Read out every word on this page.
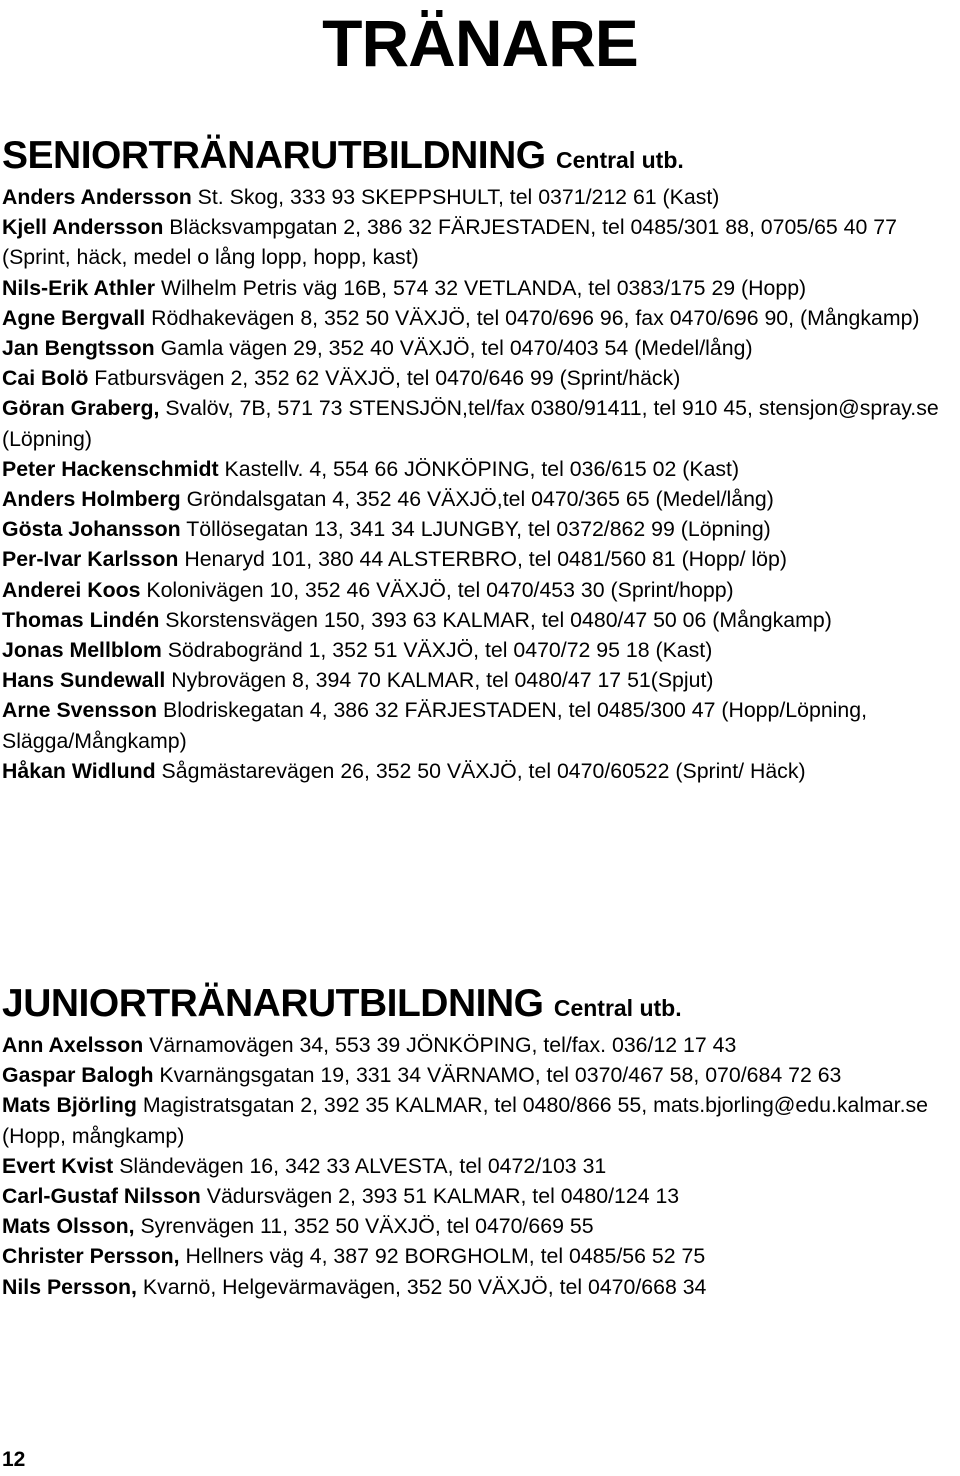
TRÄNARE
SENIORTRÄNARUTBILDNING Central utb.

Anders Andersson St. Skog, 333 93 SKEPPSHULT, tel 0371/212 61 (Kast)

Kjell Andersson Bläcksvampgatan 2, 386 32 FÄRJESTADEN, tel 0485/301 88, 0705/65 40 77 (Sprint, häck, medel o lång lopp, hopp, kast)

Nils-Erik Athler Wilhelm Petris väg 16B, 574 32 VETLANDA, tel 0383/175 29 (Hopp)

Agne Bergvall Rödhakevägen 8, 352 50 VÄXJÖ, tel 0470/696 96, fax 0470/696 90, (Mångkamp)

Jan Bengtsson Gamla vägen 29, 352 40 VÄXJÖ, tel 0470/403 54 (Medel/lång)

Cai Bolö Fatbursvägen 2, 352 62 VÄXJÖ, tel 0470/646 99 (Sprint/häck)

Göran Graberg, Svalöv, 7B, 571 73 STENSJÖN,tel/fax 0380/91411, tel 910 45, stensjon@spray.se (Löpning)

Peter Hackenschmidt Kastellv. 4, 554 66 JÖNKÖPING, tel 036/615 02 (Kast)

Anders Holmberg Gröndalsgatan 4, 352 46 VÄXJÖ,tel 0470/365 65 (Medel/lång)

Gösta Johansson Töllösegatan 13, 341 34 LJUNGBY, tel 0372/862 99 (Löpning)

Per-Ivar Karlsson Henaryd 101, 380 44 ALSTERBRO, tel 0481/560 81 (Hopp/ löp)

Anderei Koos Kolonivägen 10, 352 46 VÄXJÖ, tel 0470/453 30 (Sprint/hopp)

Thomas Lindén Skorstensvägen 150, 393 63 KALMAR, tel 0480/47 50 06 (Mångkamp)

Jonas Mellblom Södrabogränd 1, 352 51 VÄXJÖ, tel 0470/72 95 18 (Kast)

Hans Sundewall Nybrovägen 8, 394 70 KALMAR, tel 0480/47 17 51(Spjut)

Arne Svensson Blodriskegatan 4, 386 32 FÄRJESTADEN, tel 0485/300 47 (Hopp/Löpning, Slägga/Mångkamp)

Håkan Widlund Sågmästarevägen 26, 352 50 VÄXJÖ, tel 0470/60522 (Sprint/ Häck)

JUNIORTRÄNARUTBILDNING Central utb.

Ann Axelsson Värnamovägen 34, 553 39 JÖNKÖPING, tel/fax. 036/12 17 43

Gaspar Balogh Kvarnängsgatan 19, 331 34 VÄRNAMO, tel 0370/467 58, 070/684 72 63

Mats Björling Magistratsgatan 2, 392 35 KALMAR, tel 0480/866 55, mats.bjorling@edu.kalmar.se (Hopp, mångkamp)

Evert Kvist Sländevägen 16, 342 33 ALVESTA, tel 0472/103 31

Carl-Gustaf Nilsson Vädursvägen 2, 393 51 KALMAR, tel 0480/124 13

Mats Olsson, Syrenvägen 11, 352 50 VÄXJÖ, tel 0470/669 55

Christer Persson, Hellners väg 4, 387 92 BORGHOLM, tel 0485/56 52 75

Nils Persson, Kvarnö, Helgevärmavägen, 352 50 VÄXJÖ, tel 0470/668 34

12
